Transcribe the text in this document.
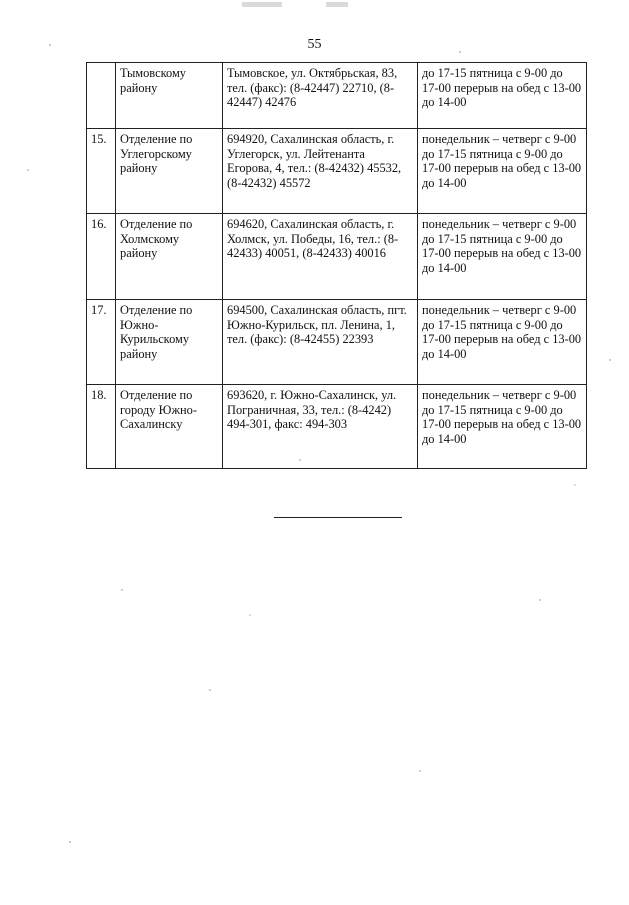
55
	Тымовскому району	Тымовское, ул. Октябрьская, 83, тел. (факс): (8-42447) 22710, (8-42447) 42476	до 17-15 пятница с 9-00 до 17-00 перерыв на обед с 13-00 до 14-00
15.	Отделение по Углегорскому району	694920, Сахалинская область, г. Углегорск, ул. Лейтенанта Егорова, 4, тел.: (8-42432) 45532, (8-42432) 45572	понедельник – четверг с 9-00 до 17-15 пятница с 9-00 до 17-00 перерыв на обед с 13-00 до 14-00
16.	Отделение по Холмскому району	694620, Сахалинская область, г. Холмск, ул. Победы, 16, тел.: (8-42433) 40051, (8-42433) 40016	понедельник – четверг с 9-00 до 17-15 пятница с 9-00 до 17-00 перерыв на обед с 13-00 до 14-00
17.	Отделение по Южно-Курильскому району	694500, Сахалинская область, пгт. Южно-Курильск, пл. Ленина, 1, тел. (факс): (8-42455) 22393	понедельник – четверг с 9-00 до 17-15 пятница с 9-00 до 17-00 перерыв на обед с 13-00 до 14-00
18.	Отделение по городу Южно-Сахалинску	693620, г. Южно-Сахалинск, ул. Пограничная, 33, тел.: (8-4242) 494-301, факс: 494-303	понедельник – четверг с 9-00 до 17-15 пятница с 9-00 до 17-00 перерыв на обед с 13-00 до 14-00
